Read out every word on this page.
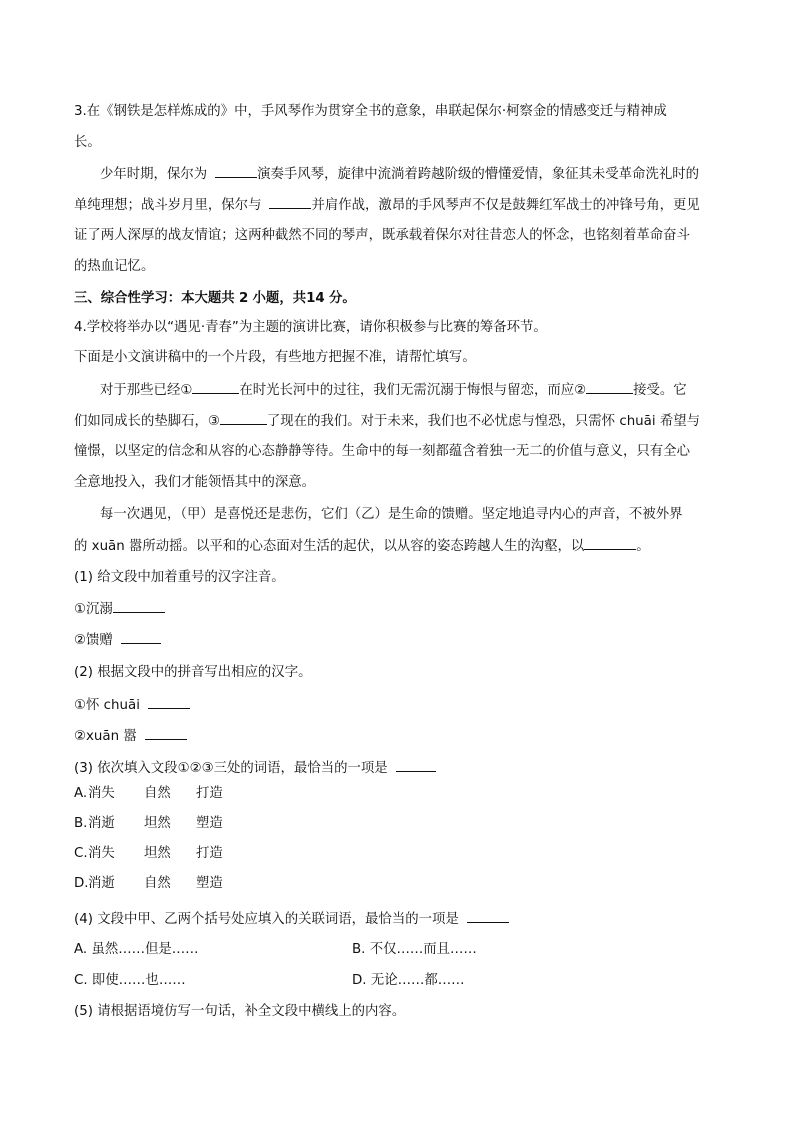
3.在《钢铁是怎样炼成的》中，手风琴作为贯穿全书的意象，串联起保尔·柯察金的情感变迁与精神成
长。
少年时期，保尔为	演奏手风琴，旋律中流淌着跨越阶级的懵懂爱情，象征其未受革命洗礼时的
单纯理想；战斗岁月里，保尔与	并肩作战，激昂的手风琴声不仅是鼓舞红军战士的冲锋号角，更见
证了两人深厚的战友情谊；这两种截然不同的琴声，既承载着保尔对往昔恋人的怀念，也铭刻着革命奋斗
的热血记忆。
三、综合性学习：本大题共 2 小题，共14 分。
4.学校将举办以“遇见·青春”为主题的演讲比赛，请你积极参与比赛的筹备环节。
下面是小文演讲稿中的一个片段，有些地方把握不准，请帮忙填写。
对于那些已经①	在时光长河中的过往，我们无需沉溺于悔恨与留恋，而应②	接受。它
们如同成长的垫脚石，③	了现在的我们。对于未来，我们也不必忧虑与惶恐，只需怀 chuāi 希望与
憧憬，以坚定的信念和从容的心态静静等待。生命中的每一刻都蕴含着独一无二的价值与意义，只有全心
全意地投入，我们才能领悟其中的深意。
每一次遇见，（甲）是喜悦还是悲伤，它们（乙）是生命的馈赠。坚定地追寻内心的声音，不被外界
的 xuān 嚣所动摇。以平和的心态面对生活的起伏，以从容的姿态跨越人生的沟壑，以	。
(1) 给文段中加着重号的汉字注音。
①沉溺
②馈赠
(2) 根据文段中的拼音写出相应的汉字。
①怀 chuāi
②xuān 嚣
(3) 依次填入文段①②③三处的词语，最恰当的一项是
A. 消失 自然 打造
B. 消逝 坦然 塑造
C. 消失 坦然 打造
D. 消逝 自然 塑造
(4) 文段中甲、乙两个括号处应填入的关联词语，最恰当的一项是
A. 虽然……但是……	B. 不仅……而且……
C. 即使……也……	D. 无论……都……
(5) 请根据语境仿写一句话，补全文段中横线上的内容。
